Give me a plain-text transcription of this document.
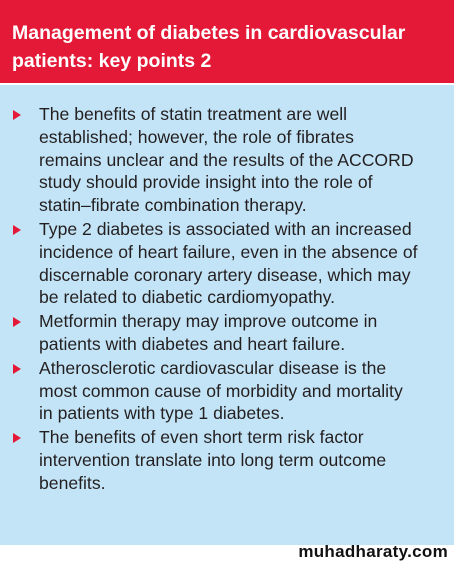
Management of diabetes in cardiovascular
patients: key points 2
The benefits of statin treatment are well
established; however, the role of fibrates
remains unclear and the results of the ACCORD
study should provide insight into the role of
statin–fibrate combination therapy.
Type 2 diabetes is associated with an increased
incidence of heart failure, even in the absence of
discernable coronary artery disease, which may
be related to diabetic cardiomyopathy.
Metformin therapy may improve outcome in
patients with diabetes and heart failure.
Atherosclerotic cardiovascular disease is the
most common cause of morbidity and mortality
in patients with type 1 diabetes.
The benefits of even short term risk factor
intervention translate into long term outcome
benefits.
muhadharaty.com
